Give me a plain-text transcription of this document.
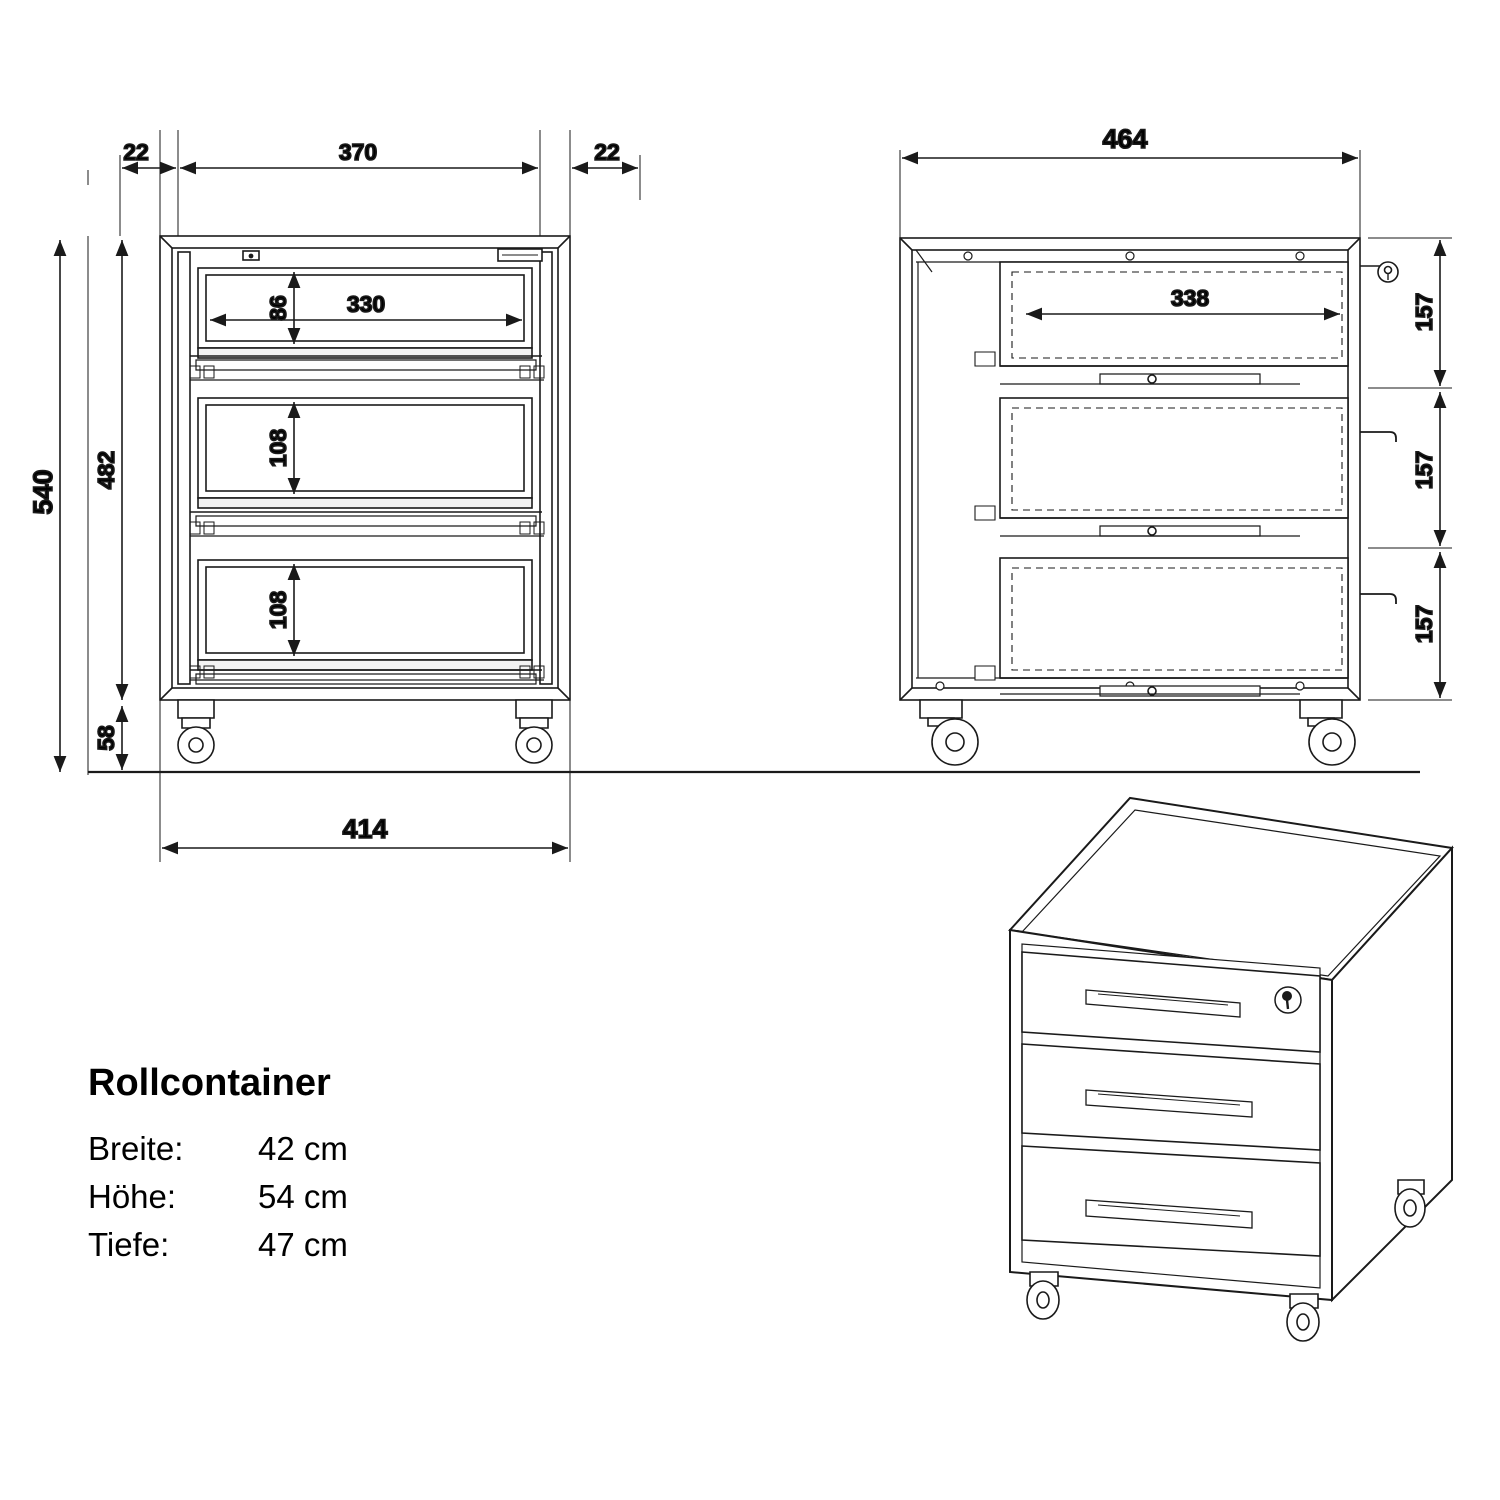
22	370	22
540 482
58
86 330
108
108
414
464
338	157
157
157
Rollcontainer
Breite: 42 cm
Höhe: 54 cm
Tiefe:	47 cm
